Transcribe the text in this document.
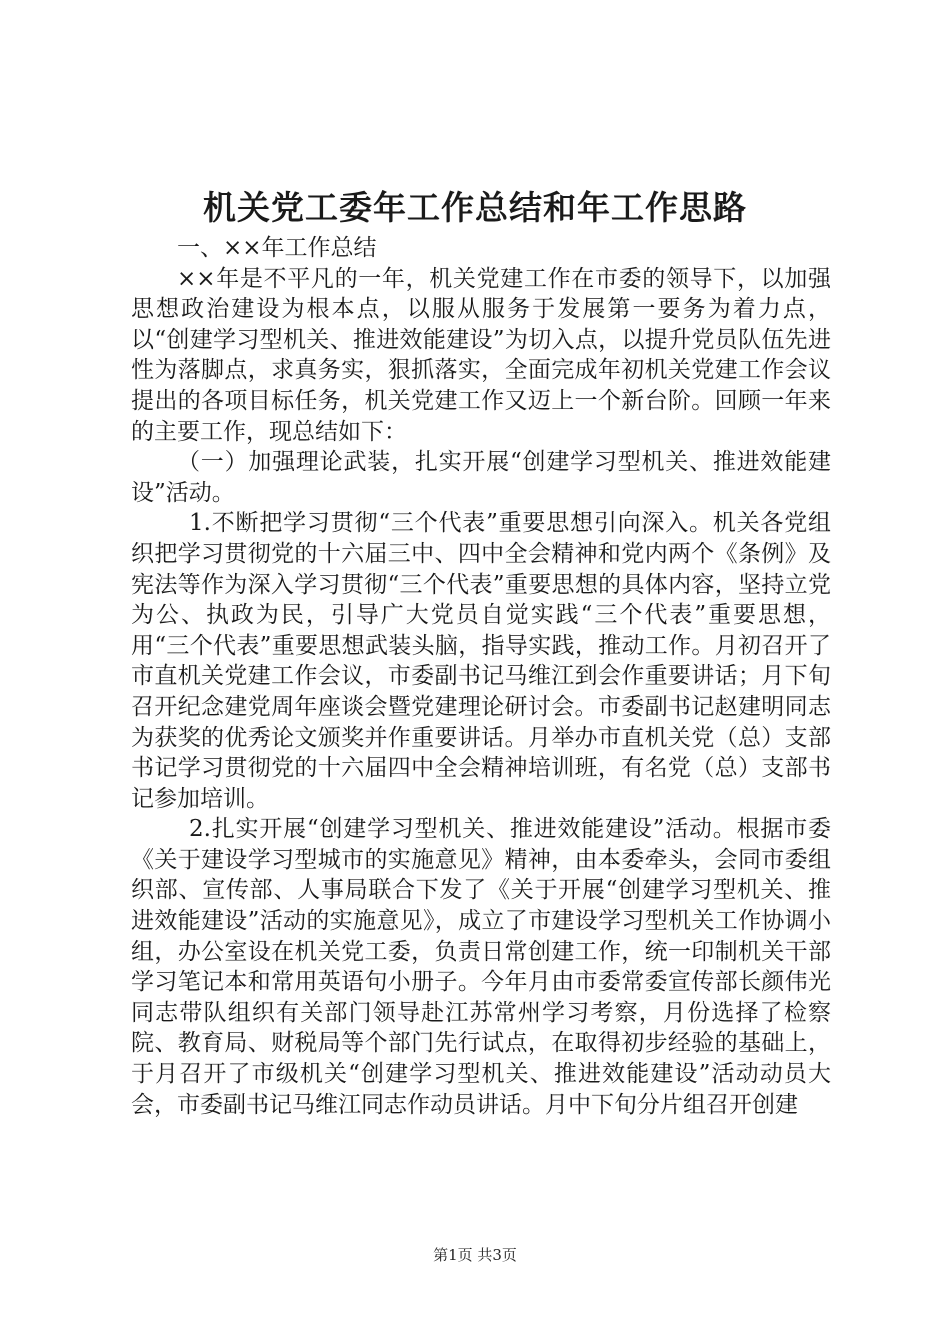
机关党工委年工作总结和年工作思路

一、××年工作总结

××年是不平凡的一年，机关党建工作在市委的领导下，以加强思想政治建设为根本点，以服从服务于发展第一要务为着力点，以“创建学习型机关、推进效能建设”为切入点，以提升党员队伍先进性为落脚点，求真务实，狠抓落实，全面完成年初机关党建工作会议提出的各项目标任务，机关党建工作又迈上一个新台阶。回顾一年来的主要工作，现总结如下：

（一）加强理论武装，扎实开展“创建学习型机关、推进效能建设”活动。

1.不断把学习贯彻“三个代表”重要思想引向深入。机关各党组织把学习贯彻党的十六届三中、四中全会精神和党内两个《条例》及宪法等作为深入学习贯彻“三个代表”重要思想的具体内容，坚持立党为公、执政为民，引导广大党员自觉实践“三个代表”重要思想，用“三个代表”重要思想武装头脑，指导实践，推动工作。月初召开了市直机关党建工作会议，市委副书记马维江到会作重要讲话；月下旬召开纪念建党周年座谈会暨党建理论研讨会。市委副书记赵建明同志为获奖的优秀论文颁奖并作重要讲话。月举办市直机关党（总）支部书记学习贯彻党的十六届四中全会精神培训班，有名党（总）支部书记参加培训。

2.扎实开展“创建学习型机关、推进效能建设”活动。根据市委《关于建设学习型城市的实施意见》精神，由本委牵头，会同市委组织部、宣传部、人事局联合下发了《关于开展“创建学习型机关、推进效能建设”活动的实施意见》，成立了市建设学习型机关工作协调小组，办公室设在机关党工委，负责日常创建工作，统一印制机关干部学习笔记本和常用英语句小册子。今年月由市委常委宣传部长颜伟光同志带队组织有关部门领导赴江苏常州学习考察，月份选择了检察院、教育局、财税局等个部门先行试点，在取得初步经验的基础上，于月召开了市级机关“创建学习型机关、推进效能建设”活动动员大会，市委副书记马维江同志作动员讲话。月中下旬分片组召开创建

第1页 共3页
